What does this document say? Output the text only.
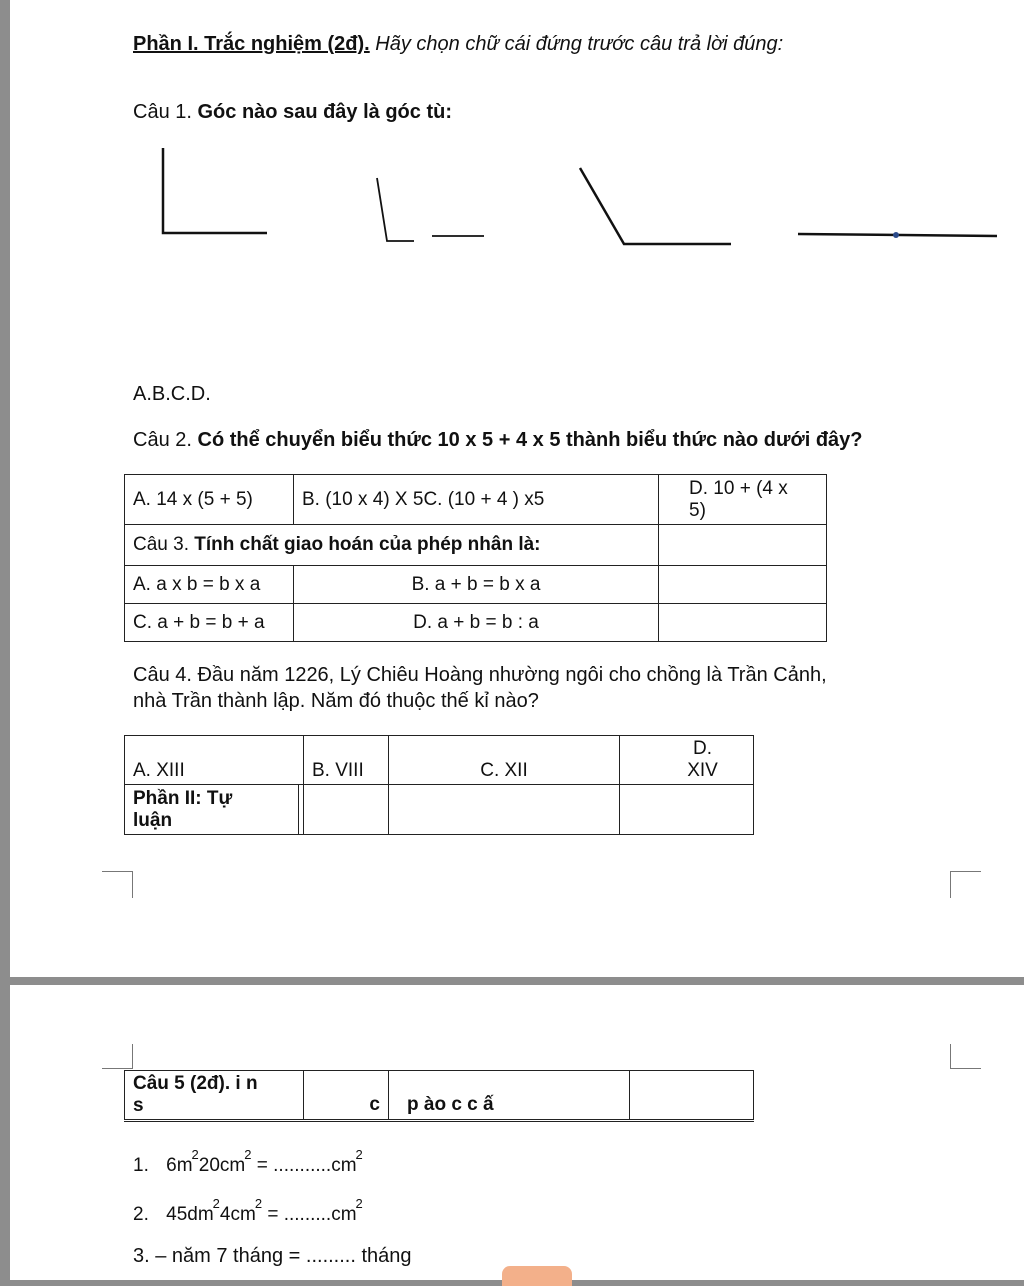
Phần I. Trắc nghiệm (2đ). Hãy chọn chữ cái đứng trước câu trả lời đúng:
Câu 1. Góc nào sau đây là góc tù:
A.B.C.D.
Câu 2. Có thể chuyển biểu thức 10 x 5 + 4 x 5 thành biểu thức nào dưới đây?
A. 14 x (5 + 5)	B. (10 x 4) X 5C. (10 + 4 ) x5	D. 10 + (4 x
5)

Câu 3. Tính chất giao hoán của phép nhân là:		
A. a x b = b x a	B. a + b = b x a	
C. a + b = b + a	D. a + b = b : a	
Câu 4. Đầu năm 1226, Lý Chiêu Hoàng nhường ngôi cho chồng là Trần Cảnh,
nhà Trần thành lập. Năm đó thuộc thế kỉ nào?
A. XIII		B. VIII	C. XII	D.
XIV

Phần II: Tự
luận				

Câu 5 (2đ). i n
s	c	p ào c c ấ	
1. $6m^220cm^2 = ...........cm^2$
2. $45dm^24cm^2 = .........cm^2$
3. – năm 7 tháng = ......... tháng
